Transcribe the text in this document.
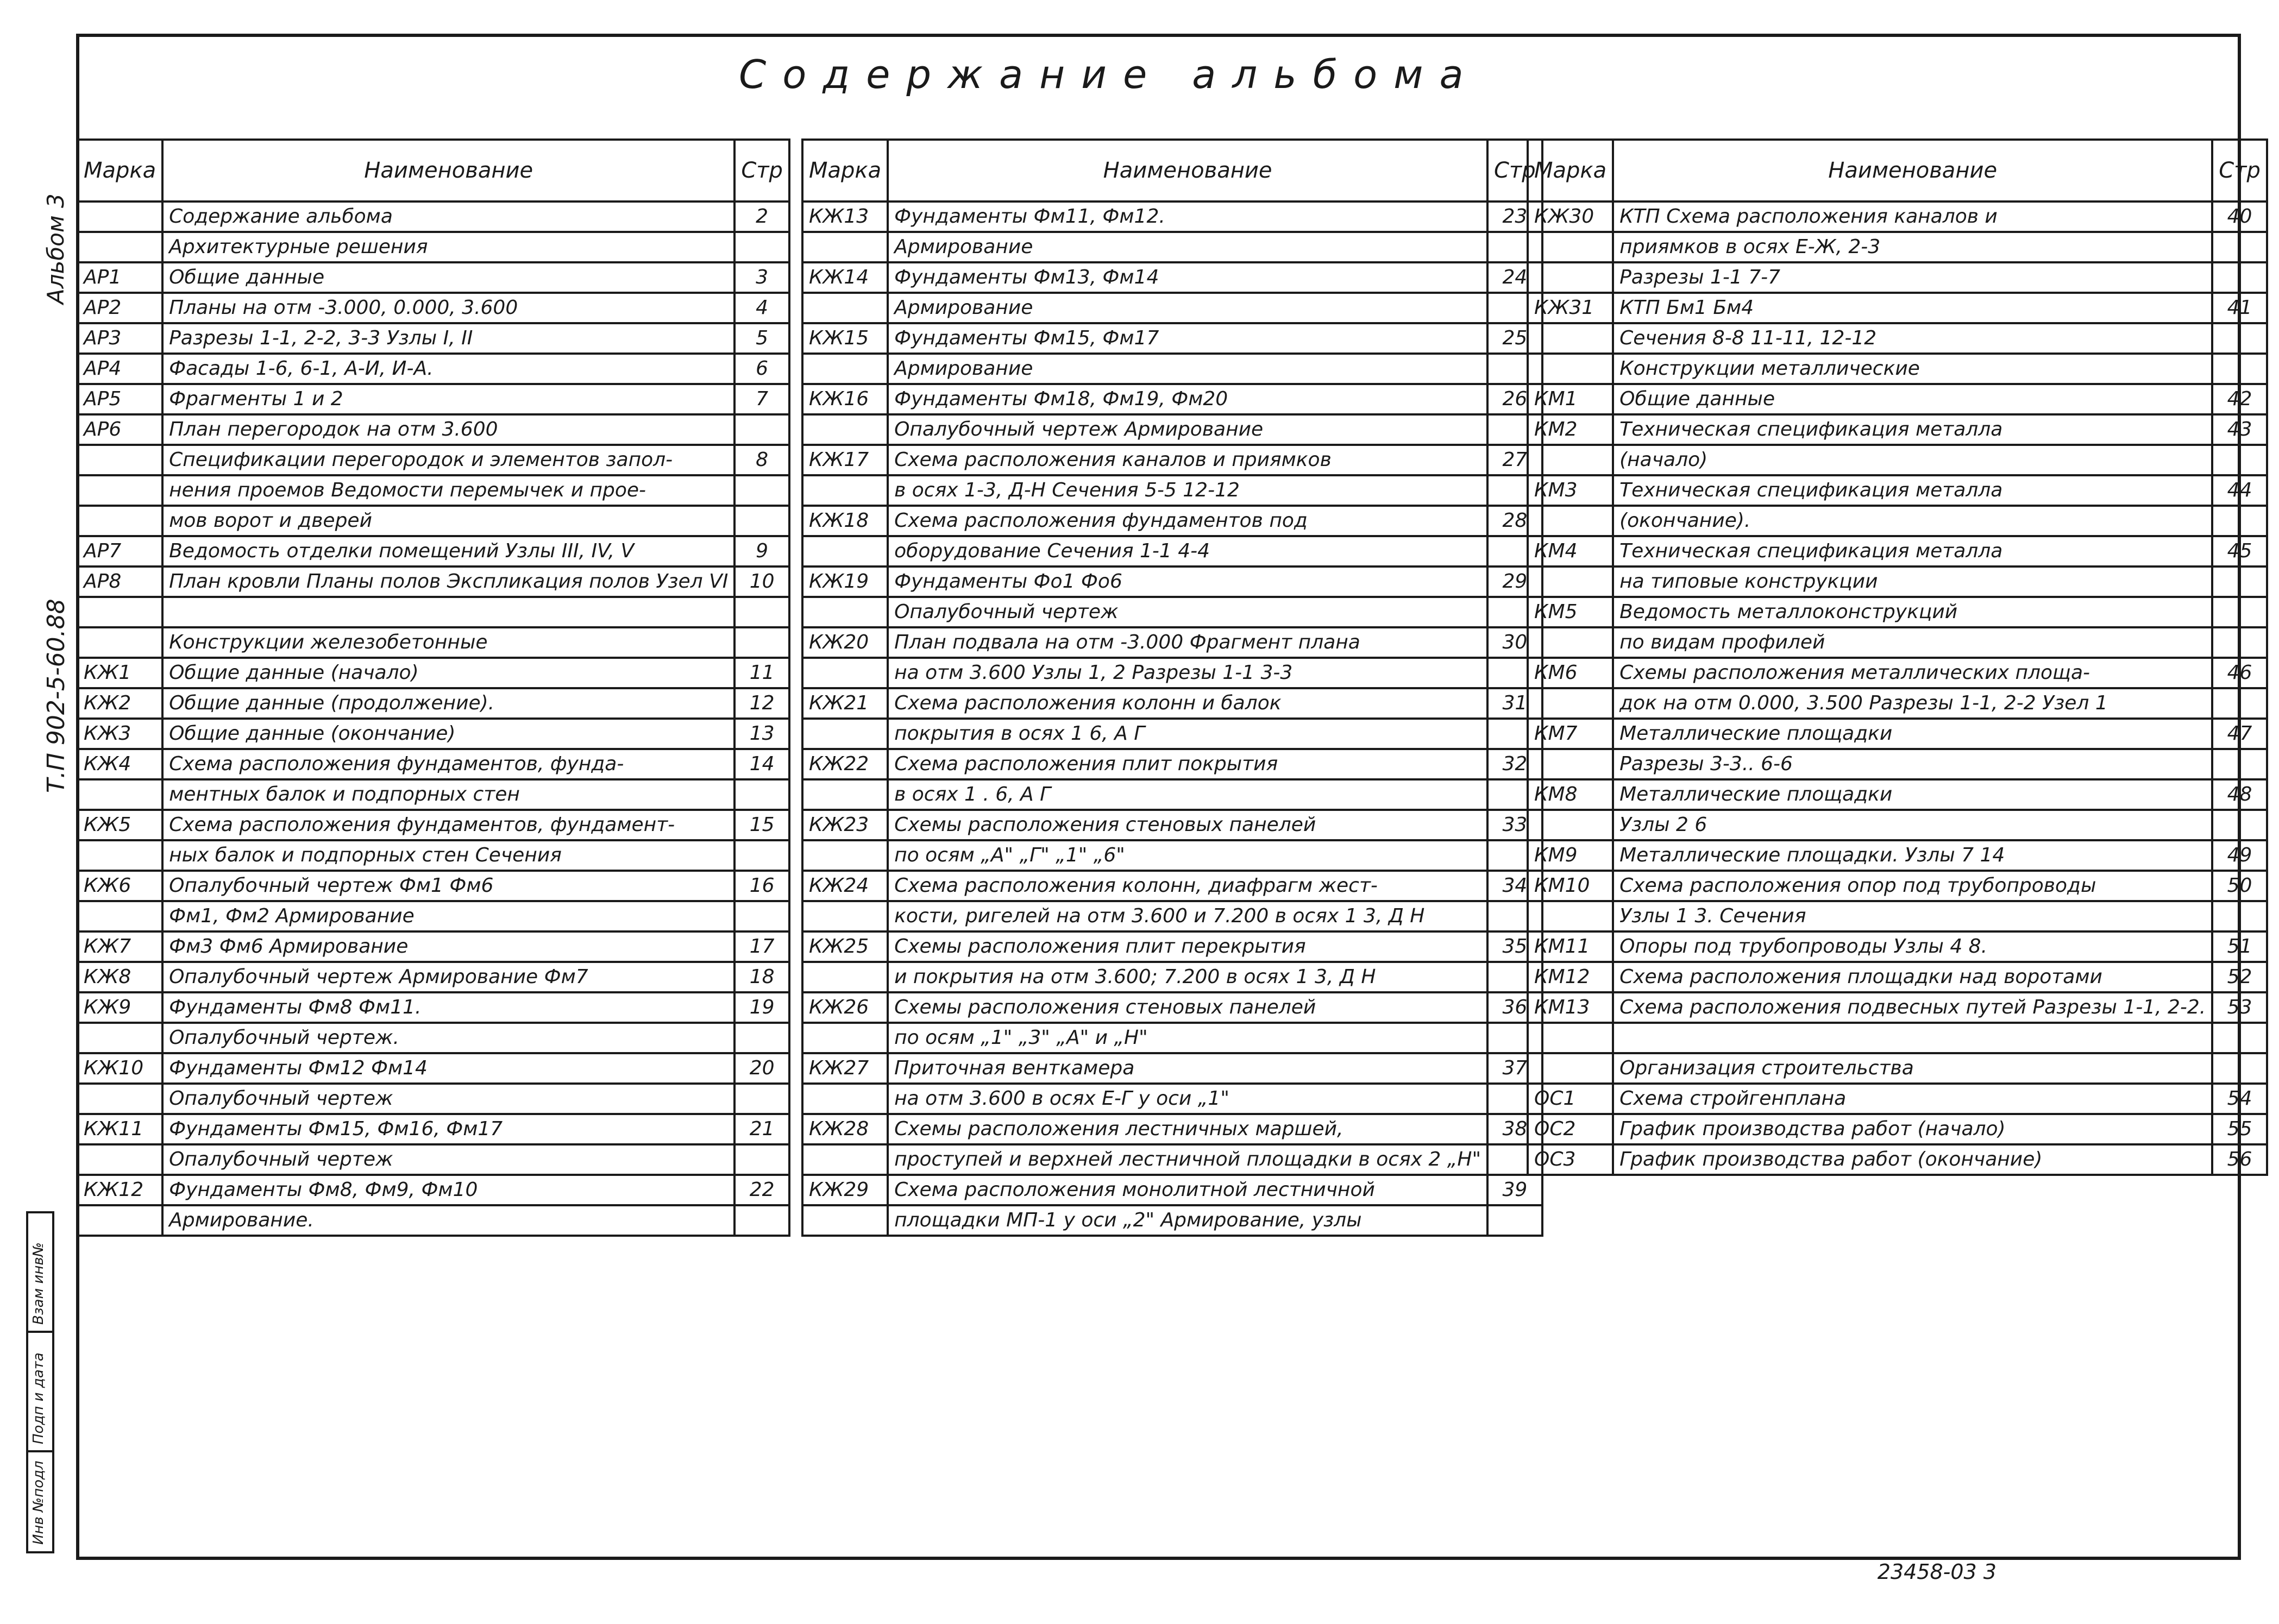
Содержание альбома
Альбом 3
Т.П 902-5-60.88
Взам инв№
Подп и дата
Инв №подл
Марка	Наименование	Стр
	Содержание альбома	2
	Архитектурные решения	
АР1	Общие данные	3
АР2	Планы на отм -3.000, 0.000, 3.600	4
АР3	Разрезы 1-1, 2-2, 3-3 Узлы I, II	5
АР4	Фасады 1-6, 6-1, А-И, И-А.	6
АР5	Фрагменты 1 и 2	7
АР6	План перегородок на отм 3.600	
	Спецификации перегородок и элементов запол-	8
	нения проемов Ведомости перемычек и прое-	
	мов ворот и дверей	
АР7	Ведомость отделки помещений Узлы III, IV, V	9
АР8	План кровли Планы полов Экспликация полов Узел VI	10

	Конструкции железобетонные	
КЖ1	Общие данные (начало)	11
КЖ2	Общие данные (продолжение).	12
КЖ3	Общие данные (окончание)	13
КЖ4	Схема расположения фундаментов, фунда-	14
	ментных балок и подпорных стен	
КЖ5	Схема расположения фундаментов, фундамент-	15
	ных балок и подпорных стен Сечения	
КЖ6	Опалубочный чертеж Фм1 Фм6	16
	Фм1, Фм2 Армирование	
КЖ7	Фм3 Фм6 Армирование	17
КЖ8	Опалубочный чертеж Армирование Фм7	18
КЖ9	Фундаменты Фм8 Фм11.	19
	Опалубочный чертеж.	
КЖ10	Фундаменты Фм12 Фм14	20
	Опалубочный чертеж	
КЖ11	Фундаменты Фм15, Фм16, Фм17	21
	Опалубочный чертеж	
КЖ12	Фундаменты Фм8, Фм9, Фм10	22
	Армирование.	
Марка	Наименование	Стр
КЖ13	Фундаменты Фм11, Фм12.	23
	Армирование	
КЖ14	Фундаменты Фм13, Фм14	24
	Армирование	
КЖ15	Фундаменты Фм15, Фм17	25
	Армирование	
КЖ16	Фундаменты Фм18, Фм19, Фм20	26
	Опалубочный чертеж Армирование	
КЖ17	Схема расположения каналов и приямков	27
	в осях 1-3, Д-Н Сечения 5-5 12-12	
КЖ18	Схема расположения фундаментов под	28
	оборудование Сечения 1-1 4-4	
КЖ19	Фундаменты Фо1 Фо6	29
	Опалубочный чертеж	
КЖ20	План подвала на отм -3.000 Фрагмент плана	30
	на отм 3.600 Узлы 1, 2 Разрезы 1-1 3-3	
КЖ21	Схема расположения колонн и балок	31
	покрытия в осях 1 6, А Г	
КЖ22	Схема расположения плит покрытия	32
	в осях 1 . 6, А Г	
КЖ23	Схемы расположения стеновых панелей	33
	по осям „А" „Г" „1" „6"	
КЖ24	Схема расположения колонн, диафрагм жест-	34
	кости, ригелей на отм 3.600 и 7.200 в осях 1 3, Д Н	
КЖ25	Схемы расположения плит перекрытия	35
	и покрытия на отм 3.600; 7.200 в осях 1 3, Д Н	
КЖ26	Схемы расположения стеновых панелей	36
	по осям „1" „3" „А" и „Н"	
КЖ27	Приточная венткамера	37
	на отм 3.600 в осях Е-Г у оси „1"	
КЖ28	Схемы расположения лестничных маршей,	38
	проступей и верхней лестничной площадки в осях 2 „Н"	
КЖ29	Схема расположения монолитной лестничной	39
	площадки МП-1 у оси „2" Армирование, узлы	
Марка	Наименование	Стр
КЖ30	КТП Схема расположения каналов и	40
	приямков в осях Е-Ж, 2-3	
	Разрезы 1-1 7-7	
КЖ31	КТП Бм1 Бм4	41
	Сечения 8-8 11-11, 12-12	
	Конструкции металлические	
КМ1	Общие данные	42
КМ2	Техническая спецификация металла	43
	(начало)	
КМ3	Техническая спецификация металла	44
	(окончание).	
КМ4	Техническая спецификация металла	45
	на типовые конструкции	
КМ5	Ведомость металлоконструкций	
	по видам профилей	
КМ6	Схемы расположения металлических площа-	46
	док на отм 0.000, 3.500 Разрезы 1-1, 2-2 Узел 1	
КМ7	Металлические площадки	47
	Разрезы 3-3.. 6-6	
КМ8	Металлические площадки	48
	Узлы 2 6	
КМ9	Металлические площадки. Узлы 7 14	49
КМ10	Схема расположения опор под трубопроводы	50
	Узлы 1 3. Сечения	
КМ11	Опоры под трубопроводы Узлы 4 8.	51
КМ12	Схема расположения площадки над воротами	52
КМ13	Схема расположения подвесных путей Разрезы 1-1, 2-2.	53

	Организация строительства	
ОС1	Схема стройгенплана	54
ОС2	График производства работ (начало)	55
ОС3	График производства работ (окончание)	56
23458-03 3
